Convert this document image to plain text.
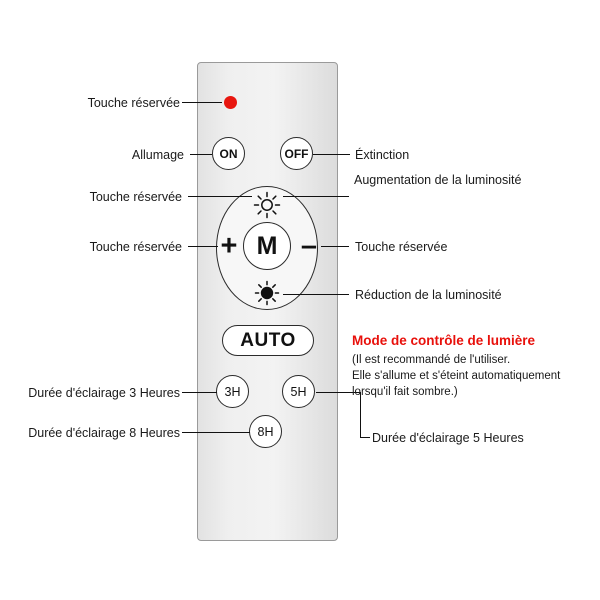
ON	OFF
+ –
M
AUTO
3H	5H
8H
Touche réservée
Allumage	Éxtinction
Augmentation de la luminosité
Touche réservée
Touche réservée	Touche réservée
Réduction de la luminosité
Mode de contrôle de lumière
(Il est recommandé de l'utiliser.
Elle s'allume et s'éteint automatiquement
lorsqu'il fait sombre.)
Durée d'éclairage 3 Heures
Durée d'éclairage 8 Heures	Durée d'éclairage 5 Heures
